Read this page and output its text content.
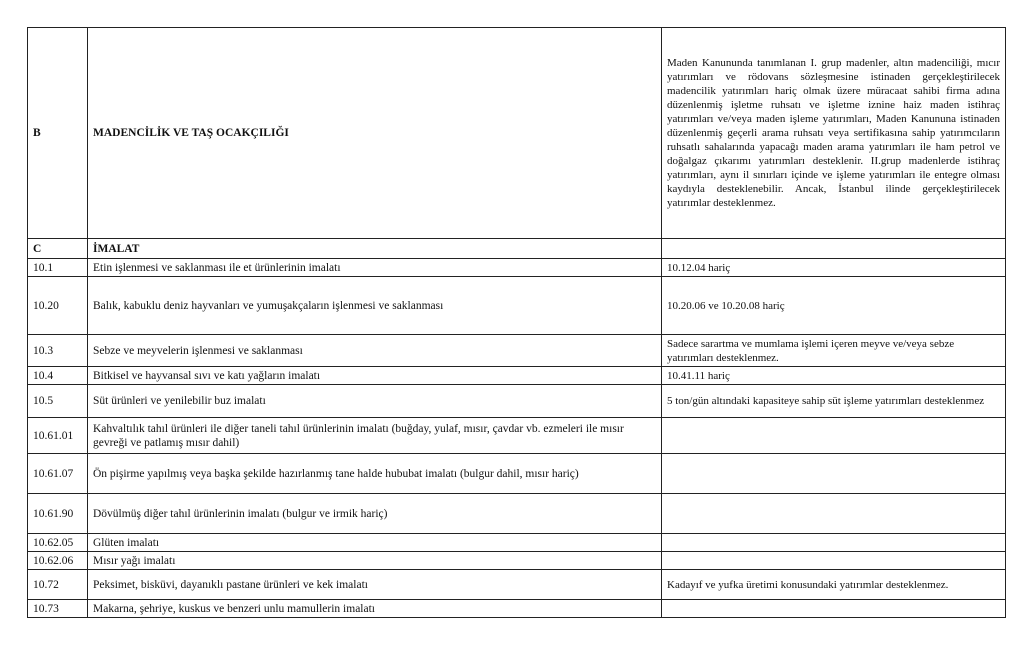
B	MADENCİLİK VE TAŞ OCAKÇILIĞI	Maden Kanununda tanımlanan I. grup madenler, altın madenciliği, mıcır yatırımları ve rödovans sözleşmesine istinaden gerçekleştirilecek madencilik yatırımları hariç olmak üzere müracaat sahibi firma adına düzenlenmiş işletme ruhsatı ve işletme iznine haiz maden istihraç yatırımları ve/veya maden işleme yatırımları, Maden Kanununa istinaden düzenlenmiş geçerli arama ruhsatı veya sertifikasına sahip yatırımcıların ruhsatlı sahalarında yapacağı maden arama yatırımları ile ham petrol ve doğalgaz çıkarımı yatırımları desteklenir. II.grup madenlerde istihraç yatırımları, aynı il sınırları içinde ve işleme yatırımları ile entegre olması kaydıyla desteklenebilir. Ancak, İstanbul ilinde gerçekleştirilecek yatırımlar desteklenmez.
C	İMALAT	
10.1	Etin işlenmesi ve saklanması ile et ürünlerinin imalatı	10.12.04 hariç
10.20	Balık, kabuklu deniz hayvanları ve yumuşakçaların işlenmesi ve saklanması	10.20.06 ve 10.20.08 hariç
10.3	Sebze ve meyvelerin işlenmesi ve saklanması	Sadece sarartma ve mumlama işlemi içeren meyve ve/veya sebze yatırımları desteklenmez.
10.4	Bitkisel ve hayvansal sıvı ve katı yağların imalatı	10.41.11 hariç
10.5	Süt ürünleri ve yenilebilir buz imalatı	5 ton/gün altındaki kapasiteye sahip süt işleme yatırımları desteklenmez
10.61.01	Kahvaltılık tahıl ürünleri ile diğer taneli tahıl ürünlerinin imalatı (buğday, yulaf, mısır, çavdar vb. ezmeleri ile mısır gevreği ve patlamış mısır dahil)	
10.61.07	Ön pişirme yapılmış veya başka şekilde hazırlanmış tane halde hububat imalatı (bulgur dahil, mısır hariç)	
10.61.90	Dövülmüş diğer tahıl ürünlerinin imalatı (bulgur ve irmik hariç)	
10.62.05	Glüten imalatı	
10.62.06	Mısır yağı imalatı	
10.72	Peksimet, bisküvi, dayanıklı pastane ürünleri ve kek imalatı	Kadayıf ve yufka üretimi konusundaki yatırımlar desteklenmez.
10.73	Makarna, şehriye, kuskus ve benzeri unlu mamullerin imalatı	
